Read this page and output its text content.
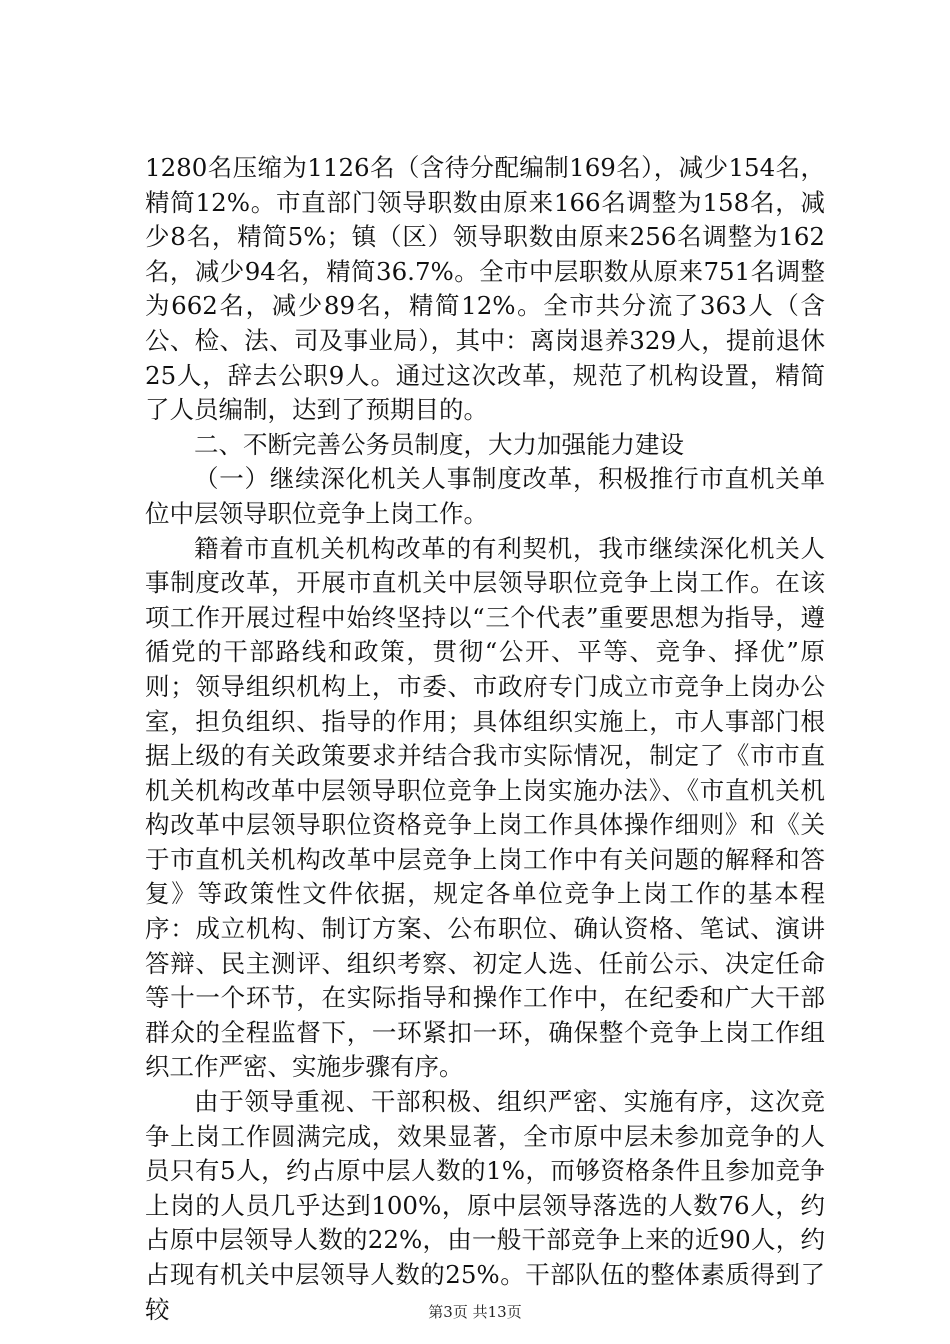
1280名压缩为1126名（含待分配编制169名），减少154名，精简12%。市直部门领导职数由原来166名调整为158名，减少8名，精简5%；镇（区）领导职数由原来256名调整为162名，减少94名，精简36.7%。全市中层职数从原来751名调整为662名，减少89名，精简12%。全市共分流了363人（含公、检、法、司及事业局），其中：离岗退养329人，提前退休25人，辞去公职9人。通过这次改革，规范了机构设置，精简了人员编制，达到了预期目的。

二、不断完善公务员制度，大力加强能力建设

（一）继续深化机关人事制度改革，积极推行市直机关单位中层领导职位竞争上岗工作。

籍着市直机关机构改革的有利契机，我市继续深化机关人事制度改革，开展市直机关中层领导职位竞争上岗工作。在该项工作开展过程中始终坚持以“三个代表”重要思想为指导，遵循党的干部路线和政策，贯彻“公开、平等、竞争、择优”原则；领导组织机构上，市委、市政府专门成立市竞争上岗办公室，担负组织、指导的作用；具体组织实施上，市人事部门根据上级的有关政策要求并结合我市实际情况，制定了《市市直机关机构改革中层领导职位竞争上岗实施办法》、《市直机关机构改革中层领导职位资格竞争上岗工作具体操作细则》和《关于市直机关机构改革中层竞争上岗工作中有关问题的解释和答复》等政策性文件依据，规定各单位竞争上岗工作的基本程序：成立机构、制订方案、公布职位、确认资格、笔试、演讲答辩、民主测评、组织考察、初定人选、任前公示、决定任命等十一个环节，在实际指导和操作工作中，在纪委和广大干部群众的全程监督下，一环紧扣一环，确保整个竞争上岗工作组织工作严密、实施步骤有序。

由于领导重视、干部积极、组织严密、实施有序，这次竞争上岗工作圆满完成，效果显著，全市原中层未参加竞争的人员只有5人，约占原中层人数的1%，而够资格条件且参加竞争上岗的人员几乎达到100%，原中层领导落选的人数76人，约占原中层领导人数的22%，由一般干部竞争上来的近90人，约占现有机关中层领导人数的25%。干部队伍的整体素质得到了较	第3页 共13页
